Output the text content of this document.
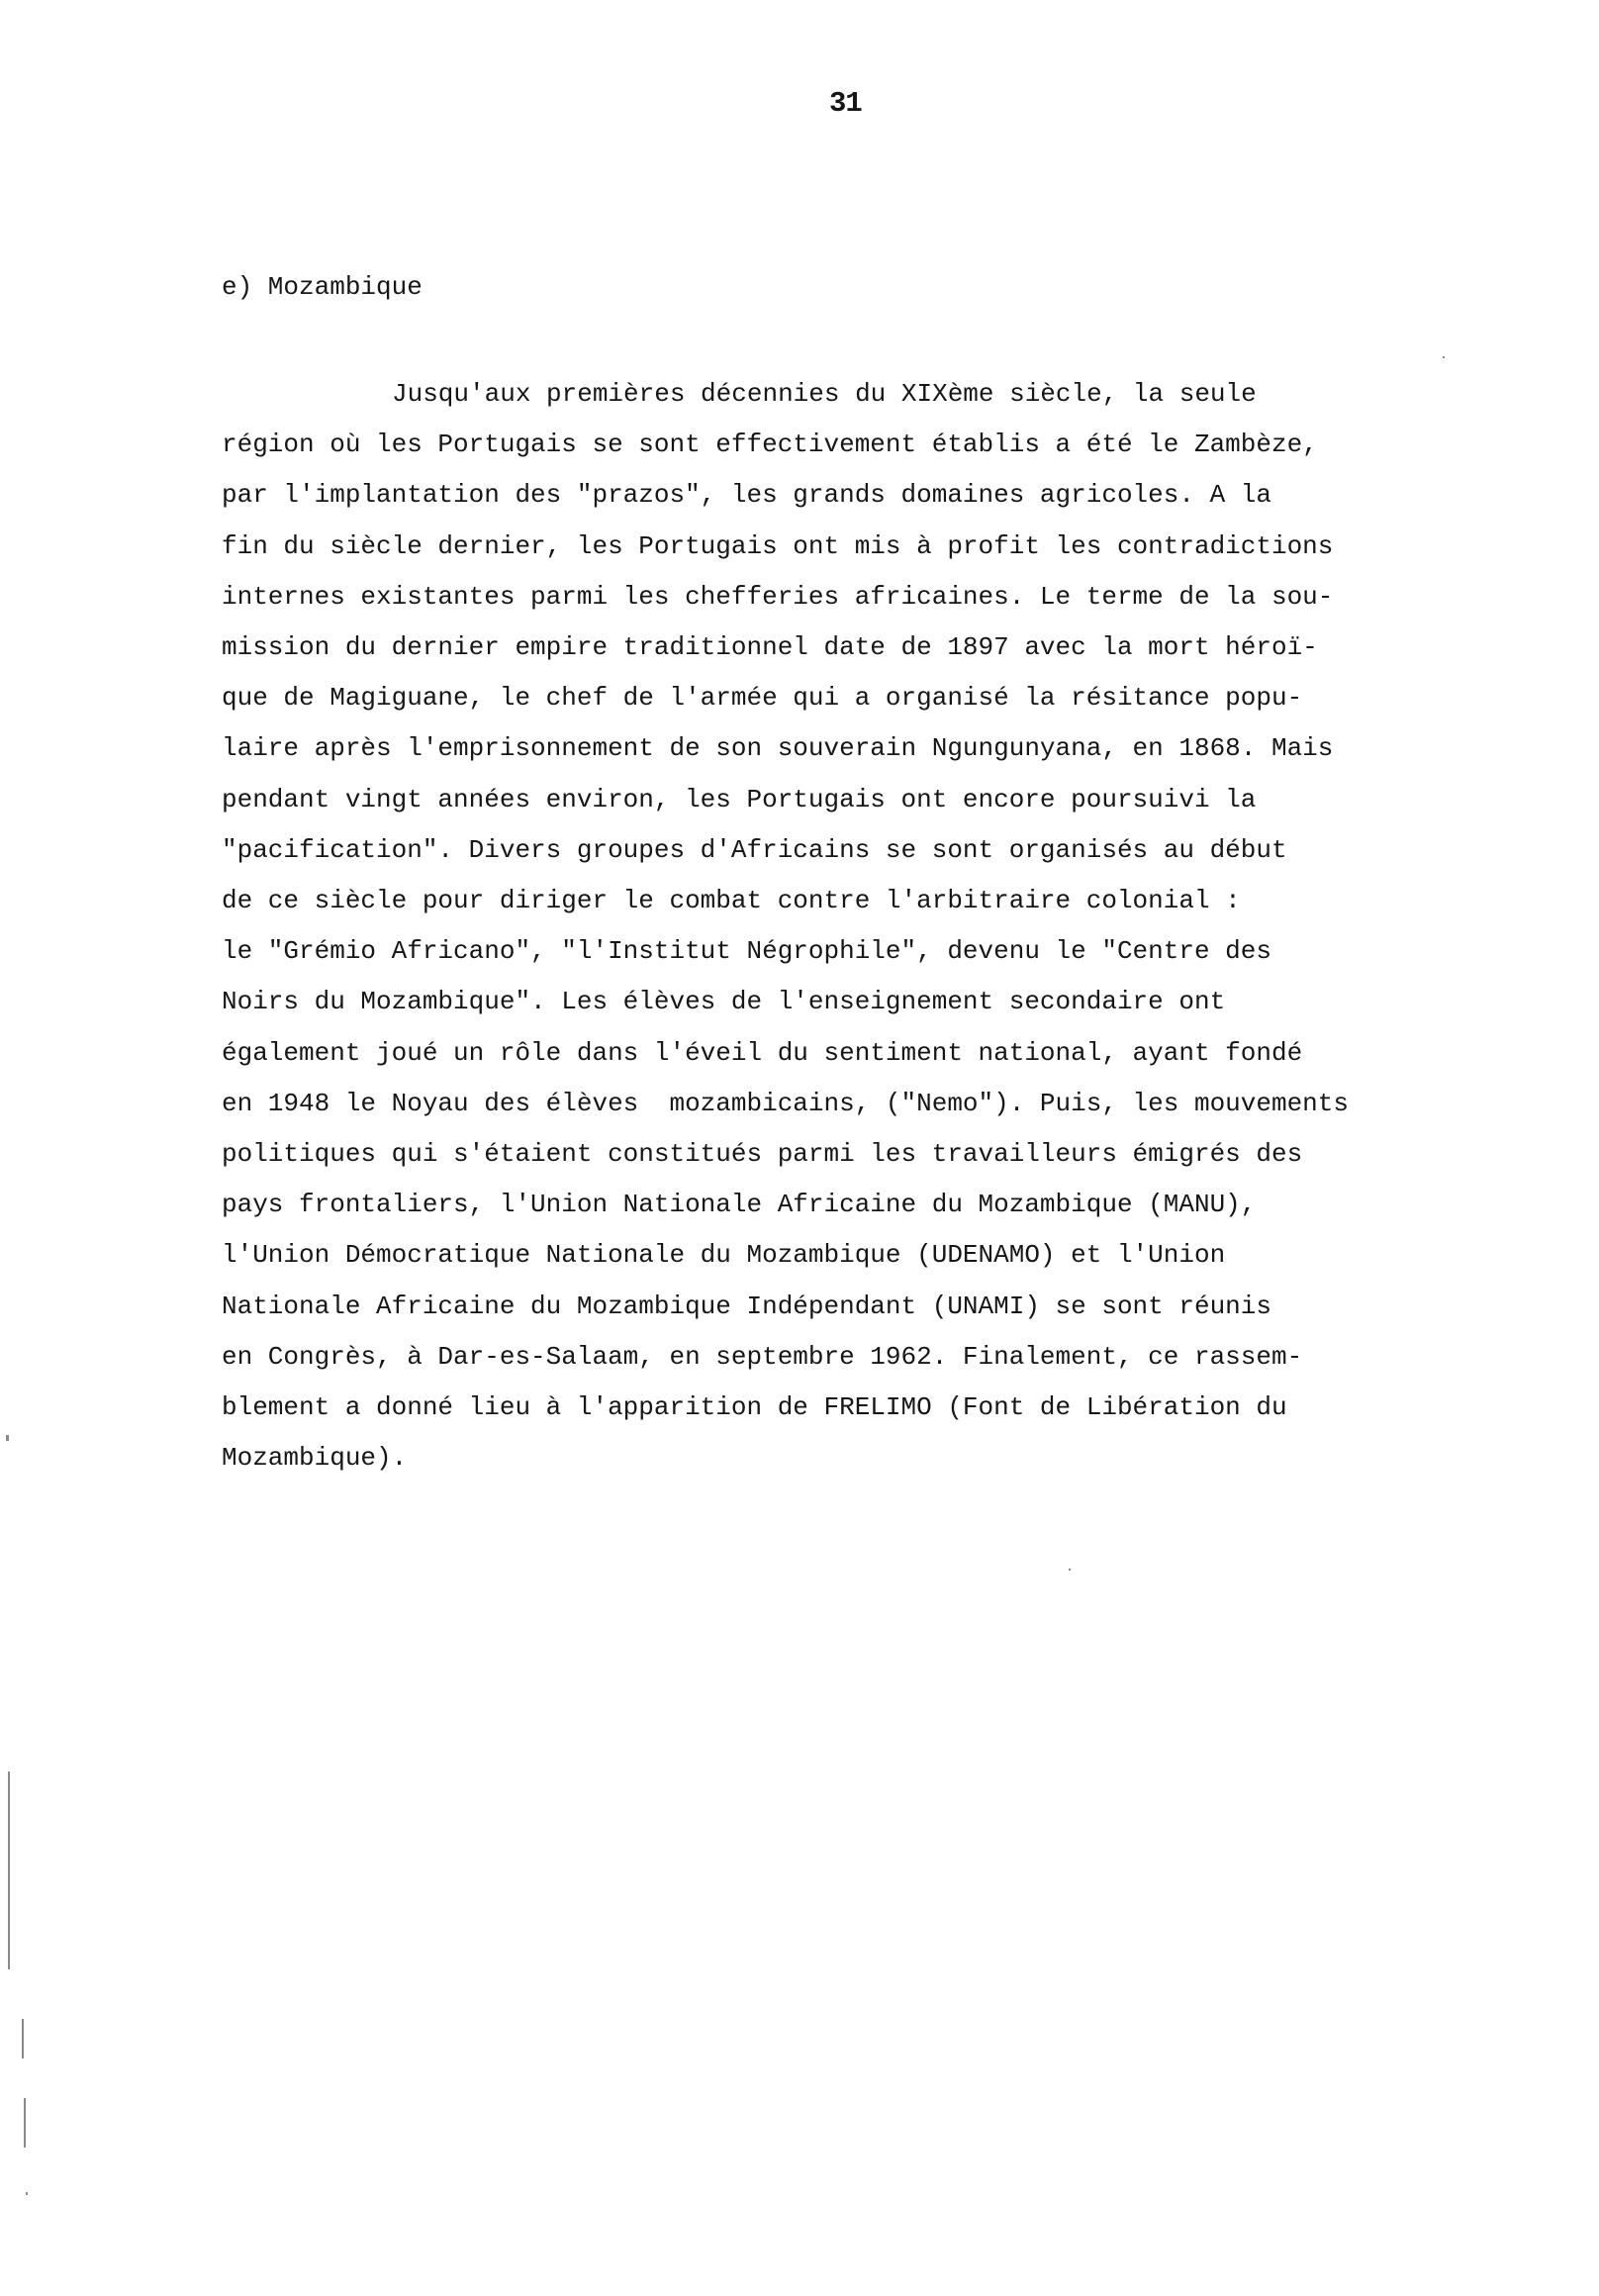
31
e) Mozambique
Jusqu'aux premières décennies du XIXème siècle, la seule
région où les Portugais se sont effectivement établis a été le Zambèze,
par l'implantation des "prazos", les grands domaines agricoles. A la
fin du siècle dernier, les Portugais ont mis à profit les contradictions
internes existantes parmi les chefferies africaines. Le terme de la sou-
mission du dernier empire traditionnel date de 1897 avec la mort héroï-
que de Magiguane, le chef de l'armée qui a organisé la résitance popu-
laire après l'emprisonnement de son souverain Ngungunyana, en 1868. Mais
pendant vingt années environ, les Portugais ont encore poursuivi la
"pacification". Divers groupes d'Africains se sont organisés au début
de ce siècle pour diriger le combat contre l'arbitraire colonial :
le "Grémio Africano", "l'Institut Négrophile", devenu le "Centre des
Noirs du Mozambique". Les élèves de l'enseignement secondaire ont
également joué un rôle dans l'éveil du sentiment national, ayant fondé
en 1948 le Noyau des élèves  mozambicains, ("Nemo"). Puis, les mouvements
politiques qui s'étaient constitués parmi les travailleurs émigrés des
pays frontaliers, l'Union Nationale Africaine du Mozambique (MANU),
l'Union Démocratique Nationale du Mozambique (UDENAMO) et l'Union
Nationale Africaine du Mozambique Indépendant (UNAMI) se sont réunis
en Congrès, à Dar-es-Salaam, en septembre 1962. Finalement, ce rassem-
blement a donné lieu à l'apparition de FRELIMO (Font de Libération du
Mozambique).
